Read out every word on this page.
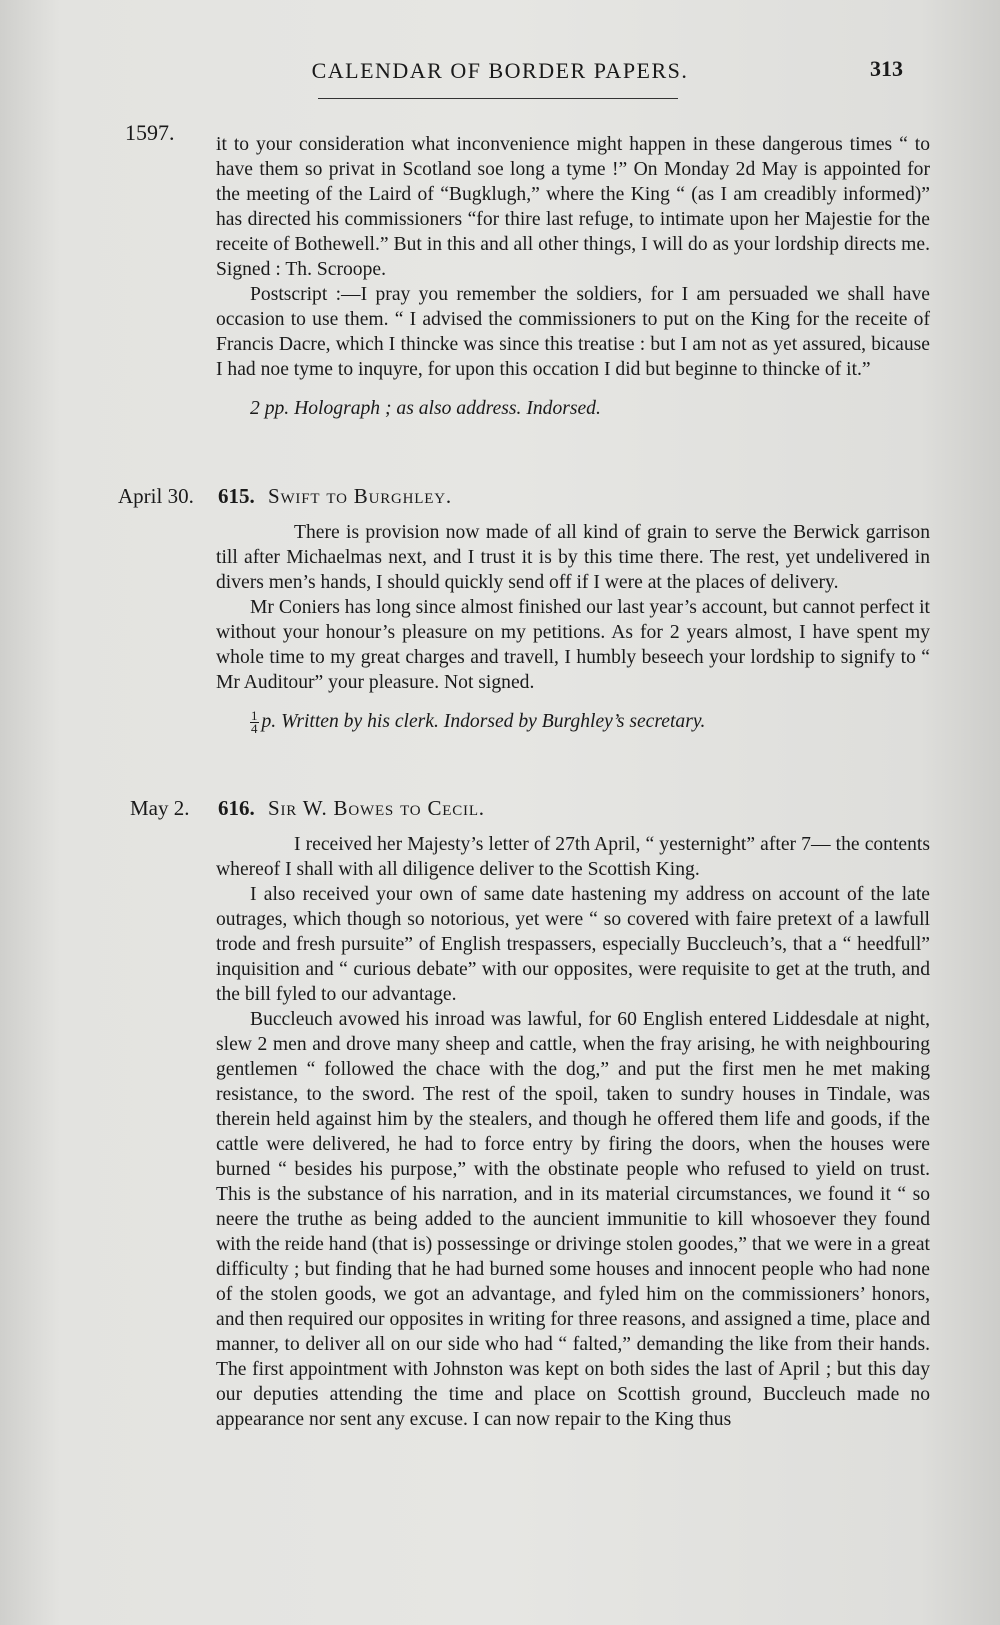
CALENDAR OF BORDER PAPERS.	313
1597. it to your consideration what inconvenience might happen in these dangerous times “ to have them so privat in Scotland soe long a tyme !” On Monday 2d May is appointed for the meeting of the Laird of “Bugklugh,” where the King “ (as I am creadibly informed)” has directed his commissioners “for thire last refuge, to intimate upon her Majestie for the receite of Bothewell.” But in this and all other things, I will do as your lordship directs me. Signed : Th. Scroope.

Postscript :—I pray you remember the soldiers, for I am persuaded we shall have occasion to use them. “ I advised the commissioners to put on the King for the receite of Francis Dacre, which I thincke was since this treatise : but I am not as yet assured, bicause I had noe tyme to inquyre, for upon this occation I did but beginne to thincke of it.”

2 pp. Holograph ; as also address. Indorsed.

April 30. 615. Swift to Burghley.

There is provision now made of all kind of grain to serve the Berwick garrison till after Michaelmas next, and I trust it is by this time there. The rest, yet undelivered in divers men’s hands, I should quickly send off if I were at the places of delivery.

Mr Coniers has long since almost finished our last year’s account, but cannot perfect it without your honour’s pleasure on my petitions. As for 2 years almost, I have spent my whole time to my great charges and travell, I humbly beseech your lordship to signify to “ Mr Auditour” your pleasure. Not signed.

$\frac{1}{4} p$. Written by his clerk. Indorsed by Burghley’s secretary.

May 2. 616. Sir W. Bowes to Cecil.

I received her Majesty’s letter of 27th April, “ yesternight” after 7— the contents whereof I shall with all diligence deliver to the Scottish King.

I also received your own of same date hastening my address on account of the late outrages, which though so notorious, yet were “ so covered with faire pretext of a lawfull trode and fresh pursuite” of English trespassers, especially Buccleuch’s, that a “ heedfull” inquisition and “ curious debate” with our opposites, were requisite to get at the truth, and the bill fyled to our advantage.

Buccleuch avowed his inroad was lawful, for 60 English entered Liddesdale at night, slew 2 men and drove many sheep and cattle, when the fray arising, he with neighbouring gentlemen “ followed the chace with the dog,” and put the first men he met making resistance, to the sword. The rest of the spoil, taken to sundry houses in Tindale, was therein held against him by the stealers, and though he offered them life and goods, if the cattle were delivered, he had to force entry by firing the doors, when the houses were burned “ besides his purpose,” with the obstinate people who refused to yield on trust. This is the substance of his narration, and in its material circumstances, we found it “ so neere the truthe as being added to the auncient immunitie to kill whosoever they found with the reide hand (that is) possessinge or drivinge stolen goodes,” that we were in a great difficulty ; but finding that he had burned some houses and innocent people who had none of the stolen goods, we got an advantage, and fyled him on the commissioners’ honors, and then required our opposites in writing for three reasons, and assigned a time, place and manner, to deliver all on our side who had “ falted,” demanding the like from their hands. The first appointment with Johnston was kept on both sides the last of April ; but this day our deputies attending the time and place on Scottish ground, Buccleuch made no appearance nor sent any excuse. I can now repair to the King thus
